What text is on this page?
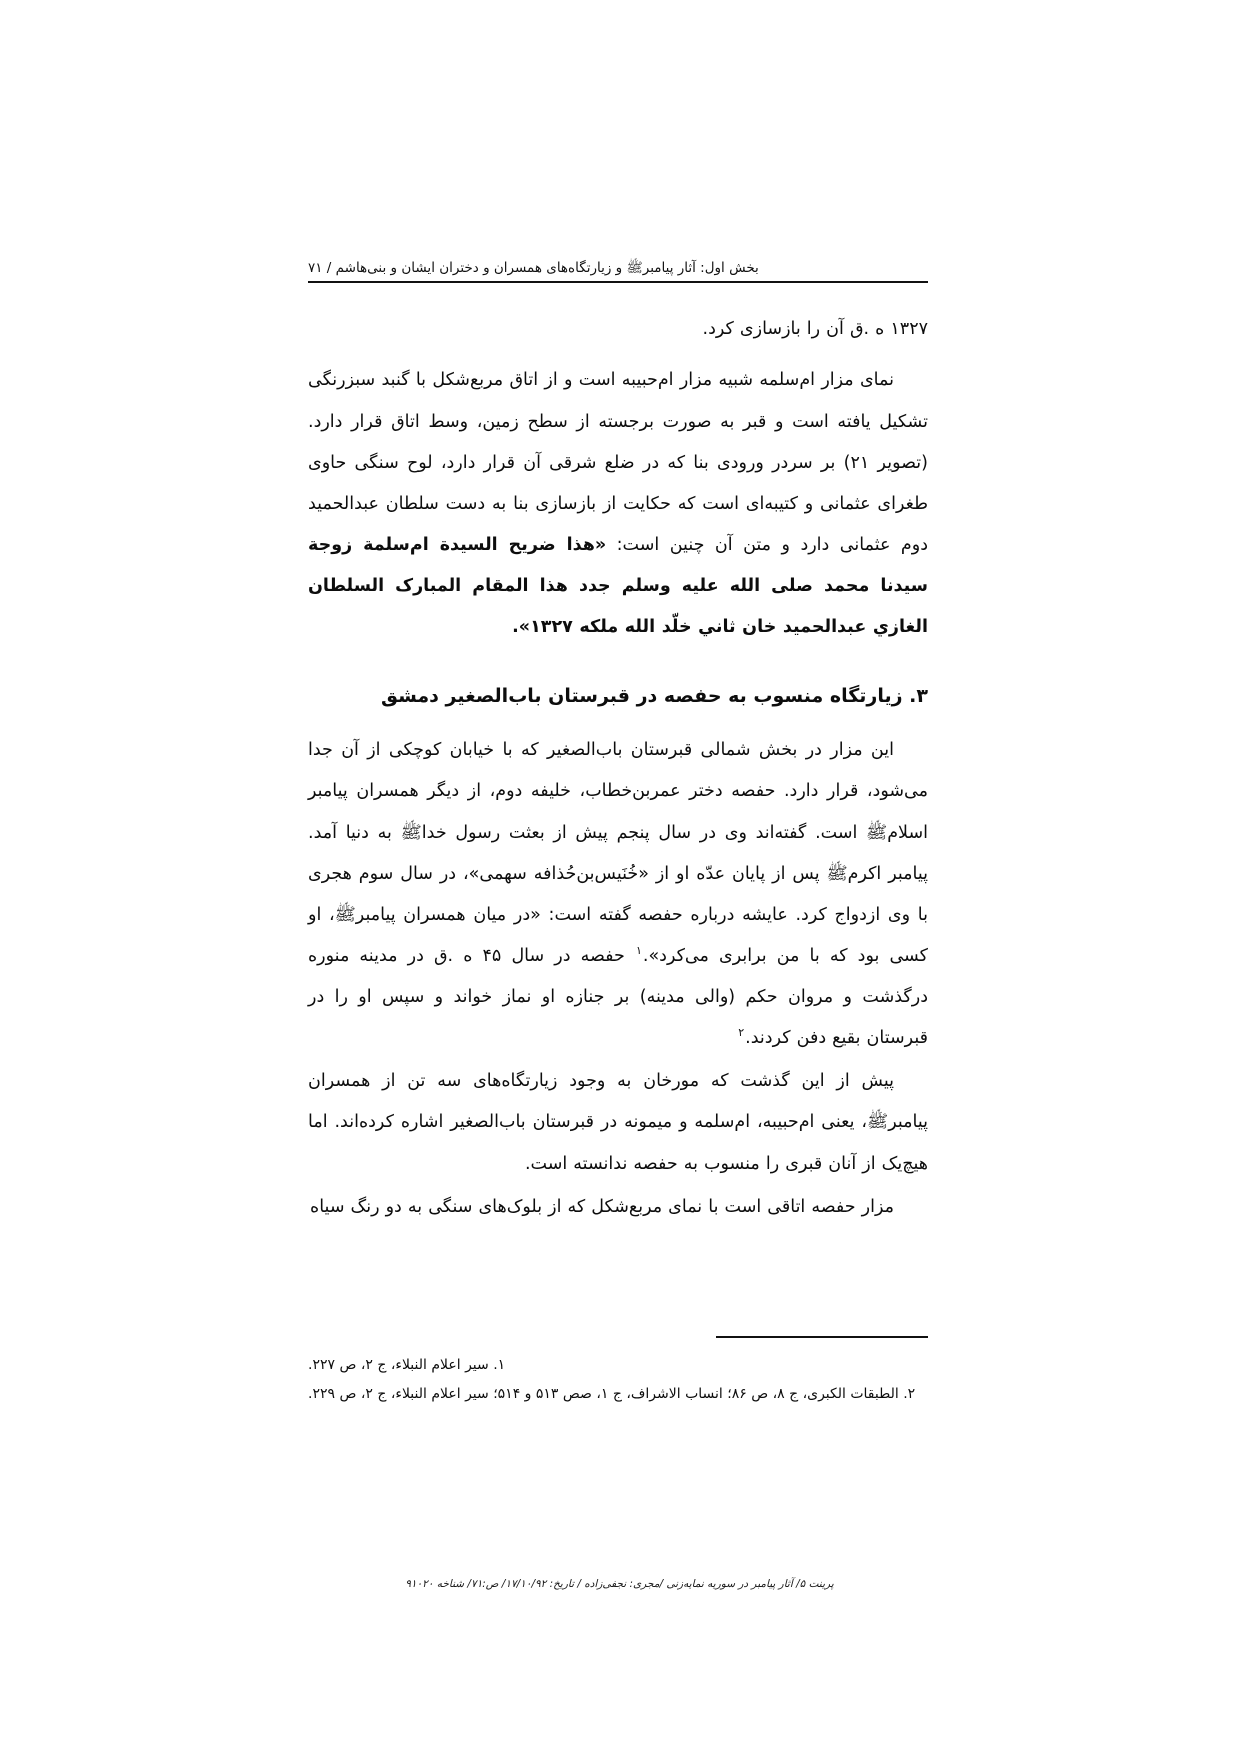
بخش اول: آثار پیامبرﷺ و زیارتگاه‌های همسران و دختران ایشان و بنی‌هاشم / ۷۱

۱۳۲۷ ه .ق آن را بازسازی کرد.

نمای مزار ام‌سلمه شبیه مزار ام‌حبیبه است و از اتاق مربع‌شکل با گنبد سبزرنگی تشکیل یافته است و قبر به صورت برجسته از سطح زمین، وسط اتاق قرار دارد. (تصویر ۲۱) بر سردر ورودی بنا که در ضلع شرقی آن قرار دارد، لوح سنگی حاوی طغرای عثمانی و کتیبه‌ای است که حکایت از بازسازی بنا به دست سلطان عبدالحمید دوم عثمانی دارد و متن آن چنین است: «هذا ضریح السیدة ام‌سلمة زوجة سیدنا محمد صلی الله علیه وسلم جدد هذا المقام المبارک السلطان الغازي عبدالحمید خان ثاني خلّد الله ملکه ۱۳۲۷».

۳. زیارتگاه منسوب به حفصه در قبرستان باب‌الصغیر دمشق

این مزار در بخش شمالی قبرستان باب‌الصغیر که با خیابان کوچکی از آن جدا می‌شود، قرار دارد. حفصه دختر عمربن‌خطاب، خلیفه دوم، از دیگر همسران پیامبر اسلامﷺ است. گفته‌اند وی در سال پنجم پیش از بعثت رسول خداﷺ به دنیا آمد. پیامبر اکرمﷺ پس از پایان عدّه او از «خُنَیس‌بن‌حُذافه سهمی»، در سال سوم هجری با وی ازدواج کرد. عایشه درباره حفصه گفته است: «در میان همسران پیامبرﷺ، او کسی بود که با من برابری می‌کرد».$^۱$ حفصه در سال ۴۵ ه .ق در مدینه منوره درگذشت و مروان حکم (والی مدینه) بر جنازه او نماز خواند و سپس او را در قبرستان بقیع دفن کردند.$^۲$

پیش از این گذشت که مورخان به وجود زیارتگاه‌های سه تن از همسران پیامبرﷺ، یعنی ام‌حبیبه، ام‌سلمه و میمونه در قبرستان باب‌الصغیر اشاره کرده‌اند. اما هیچ‌یک از آنان قبری را منسوب به حفصه ندانسته است.

مزار حفصه اتاقی است با نمای مربع‌شکل که از بلوک‌های سنگی به دو رنگ سیاه

۱. سیر اعلام النبلاء، ج ۲، ص ۲۲۷.

۲. الطبقات الکبری، ج ۸، ص ۸۶؛ انساب الاشراف، ج ۱، صص ۵۱۳ و ۵۱۴؛ سیر اعلام النبلاء، ج ۲، ص ۲۲۹.

پرینت ۵/ آثار پیامبر در سوریه نمایه‌زنی /مجری: نجفی‌زاده / تاریخ: ۱۷/۱۰/۹۲/ ص:۷۱/ شناخه ۹۱۰۲۰
